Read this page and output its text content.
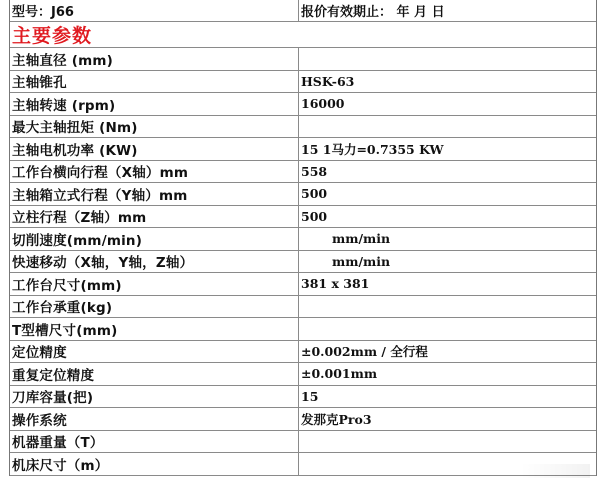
型号：J66	报价有效期止： 年 月 日
主要参数
主轴直径 (mm)
主轴锥孔	HSK-63
主轴转速 (rpm)	16000
最大主轴扭矩 (Nm)
主轴电机功率 (KW)	15 1马力=0.7355 KW
工作台横向行程（X轴）mm	558
主轴箱立式行程（Y轴）mm	500
立柱行程（Z轴）mm	500
切削速度(mm/min)	mm/min
快速移动（X轴，Y轴，Z轴）	mm/min
工作台尺寸(mm)	381 x 381
工作台承重(kg)
T型槽尺寸(mm)
定位精度	±0.002mm / 全行程
重复定位精度	±0.001mm
刀库容量(把)	15
操作系统	发那克Pro3
机器重量（T）
机床尺寸（m）
